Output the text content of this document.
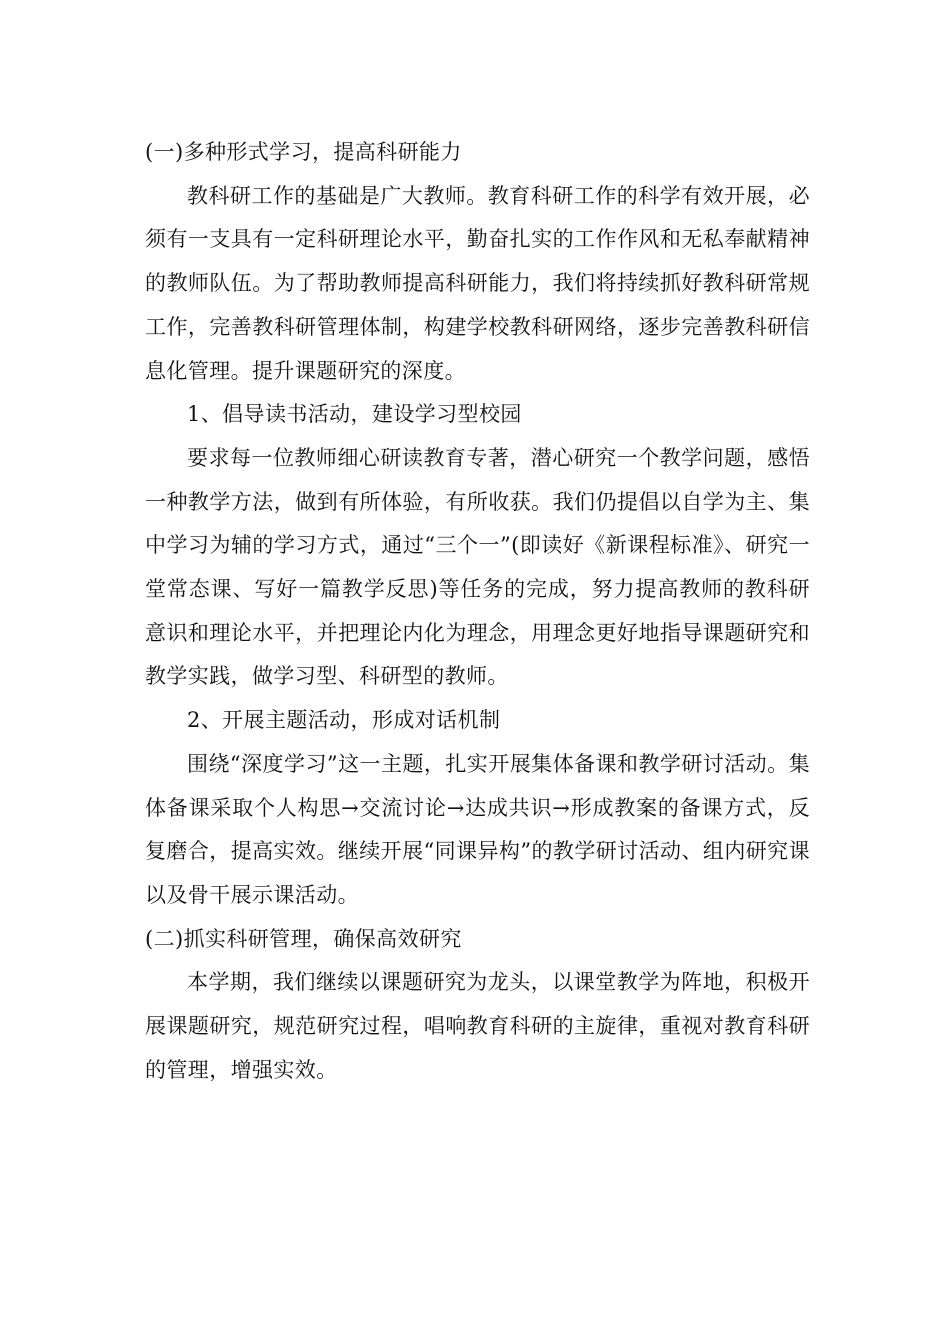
(一)多种形式学习，提高科研能力

教科研工作的基础是广大教师。教育科研工作的科学有效开展，必须有一支具有一定科研理论水平，勤奋扎实的工作作风和无私奉献精神的教师队伍。为了帮助教师提高科研能力，我们将持续抓好教科研常规工作，完善教科研管理体制，构建学校教科研网络，逐步完善教科研信息化管理。提升课题研究的深度。

1、倡导读书活动，建设学习型校园

要求每一位教师细心研读教育专著，潜心研究一个教学问题，感悟一种教学方法，做到有所体验，有所收获。我们仍提倡以自学为主、集中学习为辅的学习方式，通过“三个一”(即读好《新课程标准》、研究一堂常态课、写好一篇教学反思)等任务的完成，努力提高教师的教科研意识和理论水平，并把理论内化为理念，用理念更好地指导课题研究和教学实践，做学习型、科研型的教师。

2、开展主题活动，形成对话机制

围绕“深度学习”这一主题，扎实开展集体备课和教学研讨活动。集体备课采取个人构思→交流讨论→达成共识→形成教案的备课方式，反复磨合，提高实效。继续开展“同课异构”的教学研讨活动、组内研究课以及骨干展示课活动。

(二)抓实科研管理，确保高效研究

本学期，我们继续以课题研究为龙头，以课堂教学为阵地，积极开展课题研究，规范研究过程，唱响教育科研的主旋律，重视对教育科研的管理，增强实效。
